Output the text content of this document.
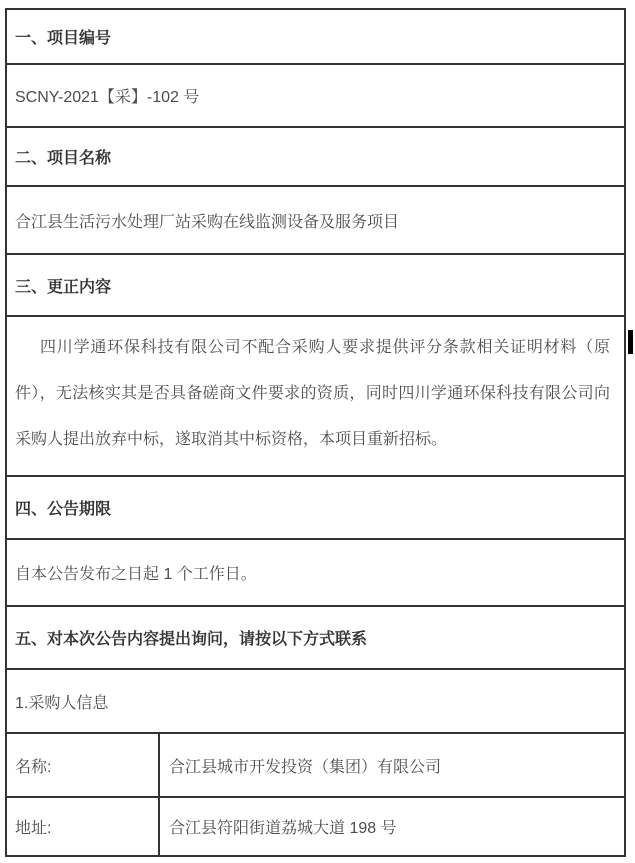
一、项目编号
SCNY-2021【采】-102 号
二、项目名称
合江县生活污水处理厂站采购在线监测设备及服务项目
三、更正内容
四川学通环保科技有限公司不配合采购人要求提供评分条款相关证明材料（原件），无法核实其是否具备磋商文件要求的资质，同时四川学通环保科技有限公司向采购人提出放弃中标，遂取消其中标资格，本项目重新招标。
四、公告期限
自本公告发布之日起 1 个工作日。
五、对本次公告内容提出询问，请按以下方式联系
1.采购人信息
名称:	合江县城市开发投资（集团）有限公司
地址:	合江县符阳街道荔城大道 198 号
